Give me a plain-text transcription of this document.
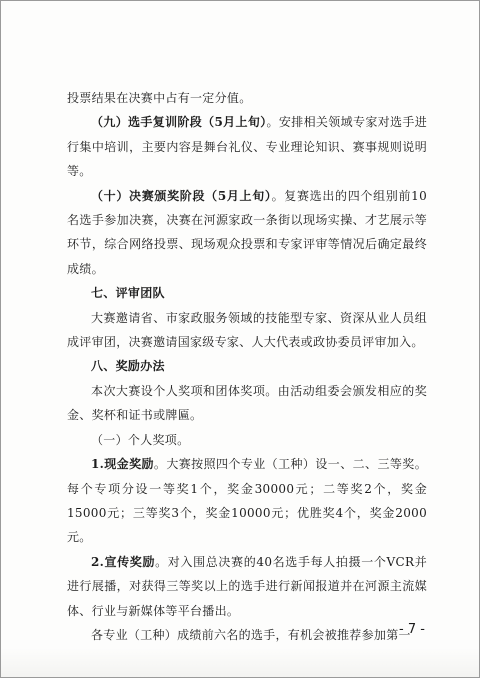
投票结果在决赛中占有一定分值。

（九）选手复训阶段（5月上旬）。安排相关领域专家对选手进行集中培训，主要内容是舞台礼仪、专业理论知识、赛事规则说明等。

（十）决赛颁奖阶段（5月上旬）。复赛选出的四个组别前10名选手参加决赛，决赛在河源家政一条街以现场实操、才艺展示等环节，综合网络投票、现场观众投票和专家评审等情况后确定最终成绩。

七、评审团队

大赛邀请省、市家政服务领域的技能型专家、资深从业人员组成评审团，决赛邀请国家级专家、人大代表或政协委员评审加入。

八、奖励办法

本次大赛设个人奖项和团体奖项。由活动组委会颁发相应的奖金、奖杯和证书或牌匾。

（一）个人奖项。

1.现金奖励。大赛按照四个专业（工种）设一、二、三等奖。每个专项分设一等奖1个，奖金30000元；二等奖2个，奖金15000元；三等奖3个，奖金10000元；优胜奖4个，奖金2000元。

2.宣传奖励。对入围总决赛的40名选手每人拍摄一个VCR并进行展播，对获得三等奖以上的选手进行新闻报道并在河源主流媒体、行业与新媒体等平台播出。

各专业（工种）成绩前六名的选手，有机会被推荐参加第一

- 7 -
